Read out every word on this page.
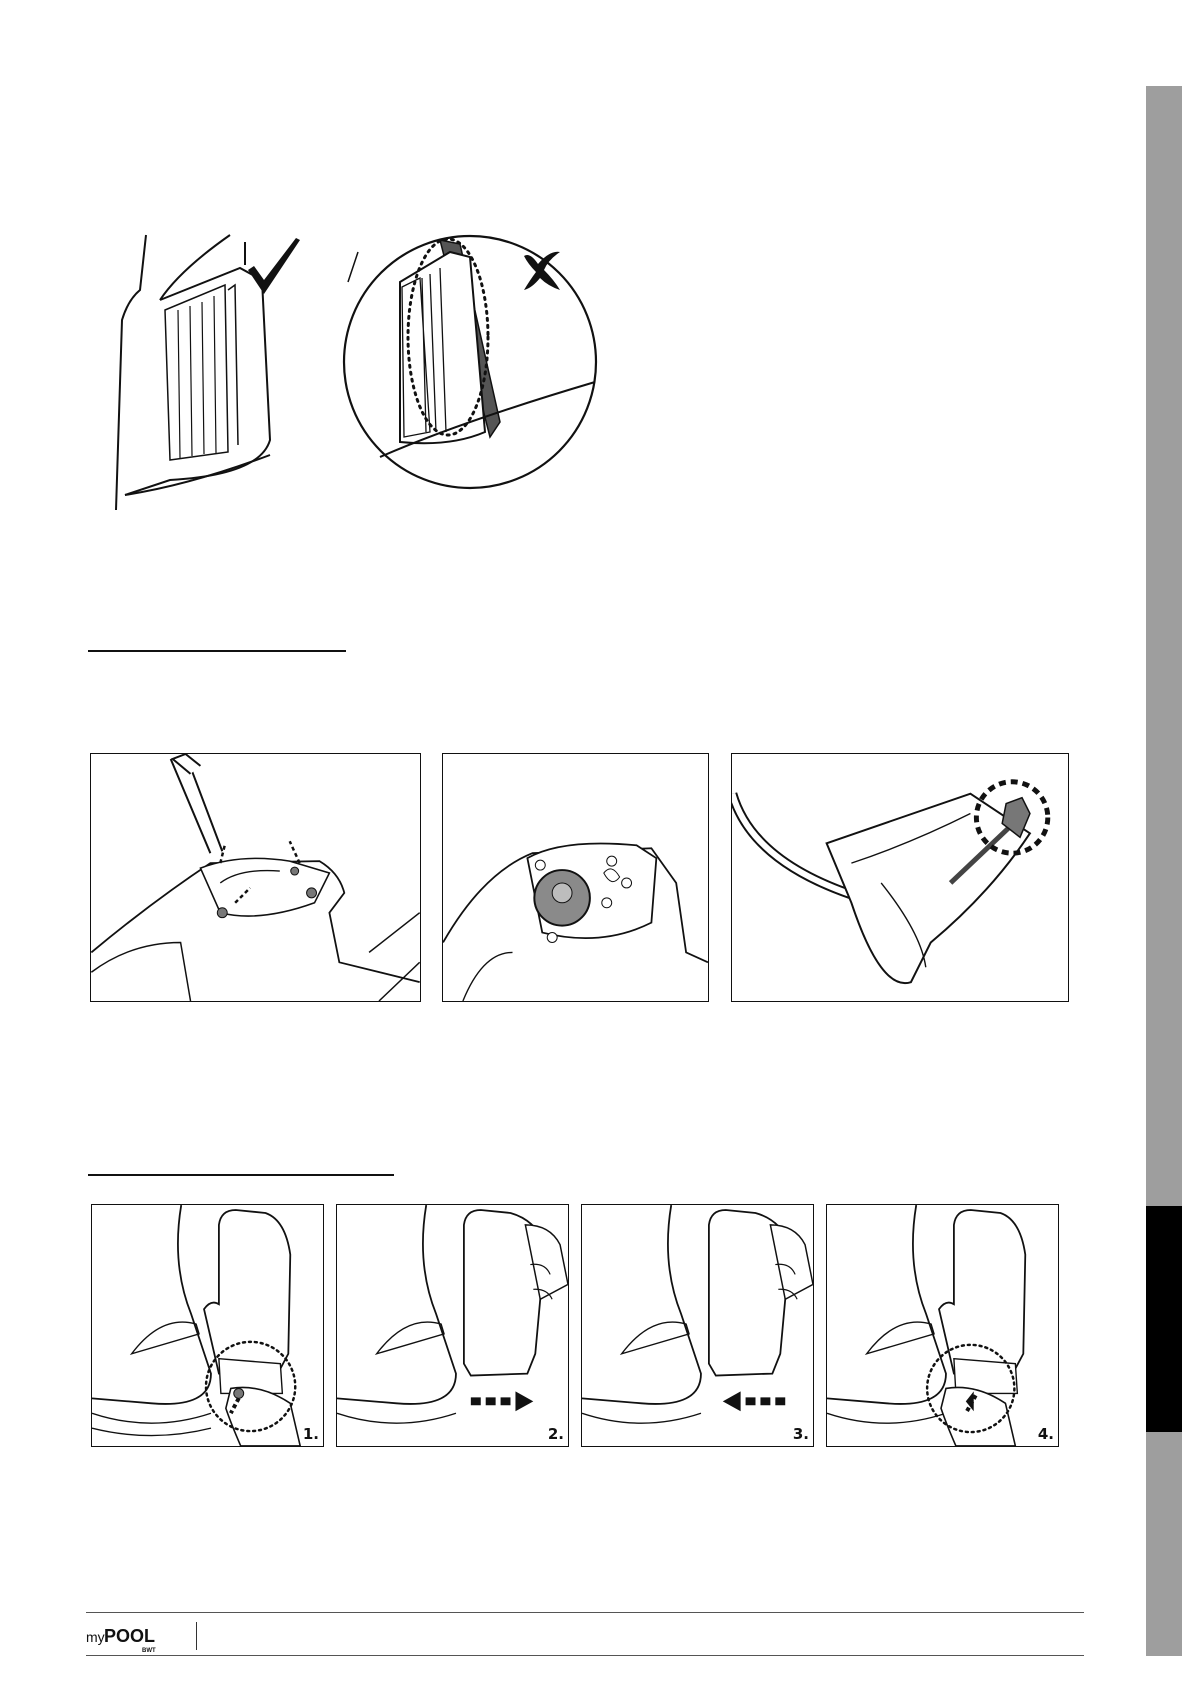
1.	2.	3.	4.
my POOL
BWT
